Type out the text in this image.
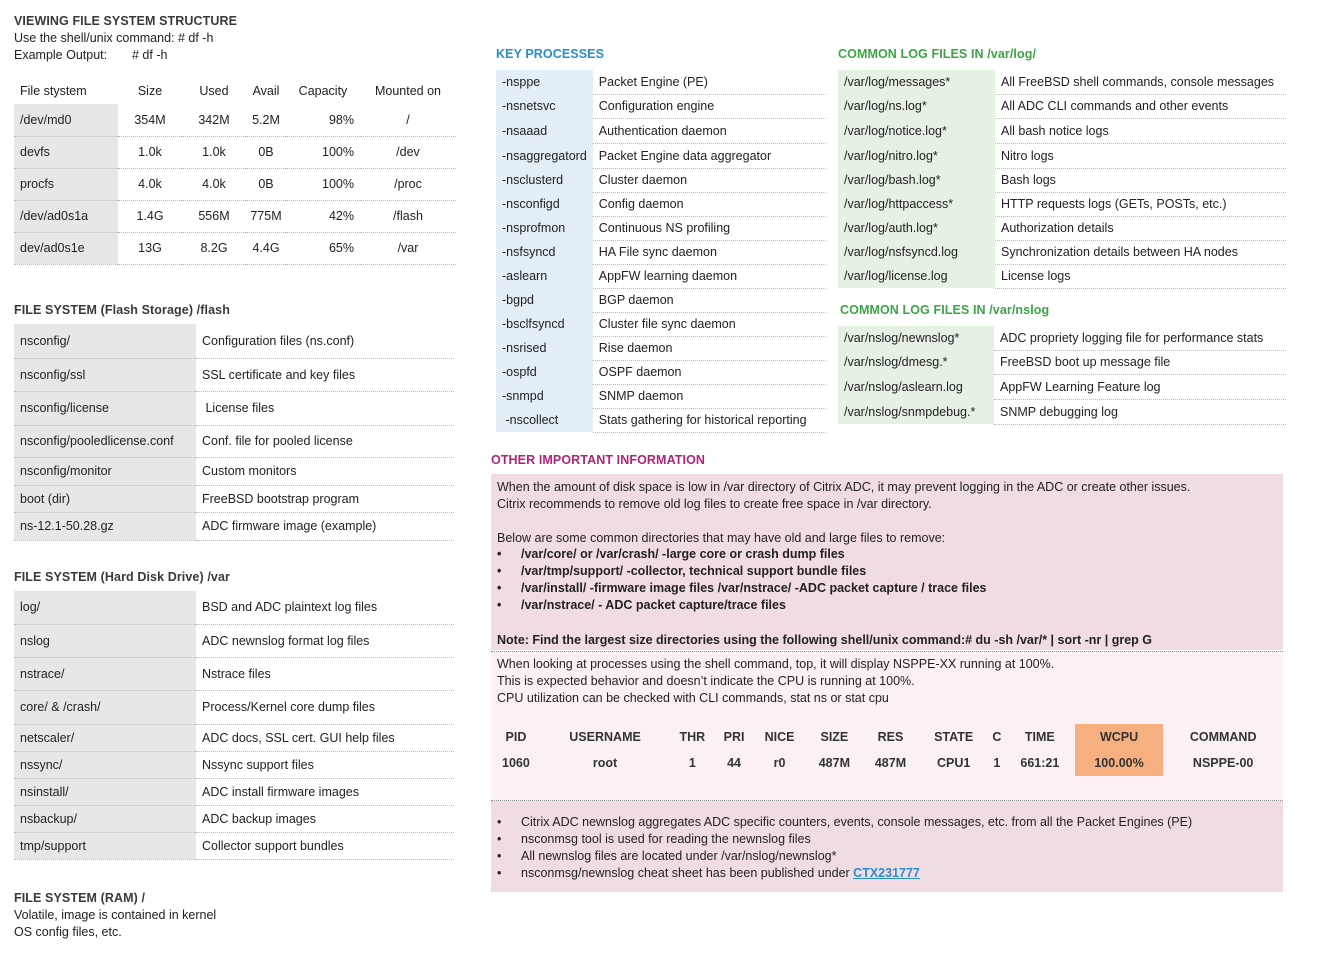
VIEWING FILE SYSTEM STRUCTURE
Use the shell/unix command: # df -h
Example Output: # df -h
File stystem	Size	Used	Avail	Capacity	Mounted on
/dev/md0	354M	342M	5.2M	98%	/
devfs	1.0k	1.0k	0B	100%	/dev
procfs	4.0k	4.0k	0B	100%	/proc
/dev/ad0s1a	1.4G	556M	775M	42%	/flash
dev/ad0s1e	13G	8.2G	4.4G	65%	/var
FILE SYSTEM (Flash Storage) /flash
nsconfig/	Configuration files (ns.conf)
nsconfig/ssl	SSL certificate and key files
nsconfig/license	License files
nsconfig/pooledlicense.conf	Conf. file for pooled license
nsconfig/monitor	Custom monitors
boot (dir)	FreeBSD bootstrap program
ns-12.1-50.28.gz	ADC firmware image (example)
FILE SYSTEM (Hard Disk Drive) /var
log/	BSD and ADC plaintext log files
nslog	ADC newnslog format log files
nstrace/	Nstrace files
core/ & /crash/	Process/Kernel core dump files
netscaler/	ADC docs, SSL cert. GUI help files
nssync/	Nssync support files
nsinstall/	ADC install firmware images
nsbackup/	ADC backup images
tmp/support	Collector support bundles
FILE SYSTEM (RAM) /
Volatile, image is contained in kernel
OS config files, etc.
KEY PROCESSES
-nsppe	Packet Engine (PE)
-nsnetsvc	Configuration engine
-nsaaad	Authentication daemon
-nsaggregatord	Packet Engine data aggregator
-nsclusterd	Cluster daemon
-nsconfigd	Config daemon
-nsprofmon	Continuous NS profiling
-nsfsyncd	HA File sync daemon
-aslearn	AppFW learning daemon
-bgpd	BGP daemon
-bsclfsyncd	Cluster file sync daemon
-nsrised	Rise daemon
-ospfd	OSPF daemon
-snmpd	SNMP daemon
-nscollect	Stats gathering for historical reporting
COMMON LOG FILES IN /var/log/
/var/log/messages*	All FreeBSD shell commands, console messages
/var/log/ns.log*	All ADC CLI commands and other events
/var/log/notice.log*	All bash notice logs
/var/log/nitro.log*	Nitro logs
/var/log/bash.log*	Bash logs
/var/log/httpaccess*	HTTP requests logs (GETs, POSTs, etc.)
/var/log/auth.log*	Authorization details
/var/log/nsfsyncd.log	Synchronization details between HA nodes
/var/log/license.log	License logs
COMMON LOG FILES IN /var/nslog
/var/nslog/newnslog*	ADC propriety logging file for performance stats
/var/nslog/dmesg.*	FreeBSD boot up message file
/var/nslog/aslearn.log	AppFW Learning Feature log
/var/nslog/snmpdebug.*	SNMP debugging log
OTHER IMPORTANT INFORMATION
When the amount of disk space is low in /var directory of Citrix ADC, it may prevent logging in the ADC or create other issues.
Citrix recommends to remove old log files to create free space in /var directory.
Below are some common directories that may have old and large files to remove:
• /var/core/ or /var/crash/ -large core or crash dump files
• /var/tmp/support/ -collector, technical support bundle files
• /var/install/ -firmware image files /var/nstrace/ -ADC packet capture / trace files
• /var/nstrace/ - ADC packet capture/trace files
Note: Find the largest size directories using the following shell/unix command:# du -sh /var/* | sort -nr | grep G
When looking at processes using the shell command, top, it will display NSPPE-XX running at 100%.
This is expected behavior and doesn’t indicate the CPU is running at 100%.
CPU utilization can be checked with CLI commands, stat ns or stat cpu
PID	USERNAME	THR	PRI	NICE	SIZE	RES	STATE	C	TIME	WCPU	COMMAND
1060	root	1	44	r0	487M	487M	CPU1	1	661:21	100.00%	NSPPE-00
• Citrix ADC newnslog aggregates ADC specific counters, events, console messages, etc. from all the Packet Engines (PE)
• nsconmsg tool is used for reading the newnslog files
• All newnslog files are located under /var/nslog/newnslog*
• nsconmsg/newnslog cheat sheet has been published under CTX231777
